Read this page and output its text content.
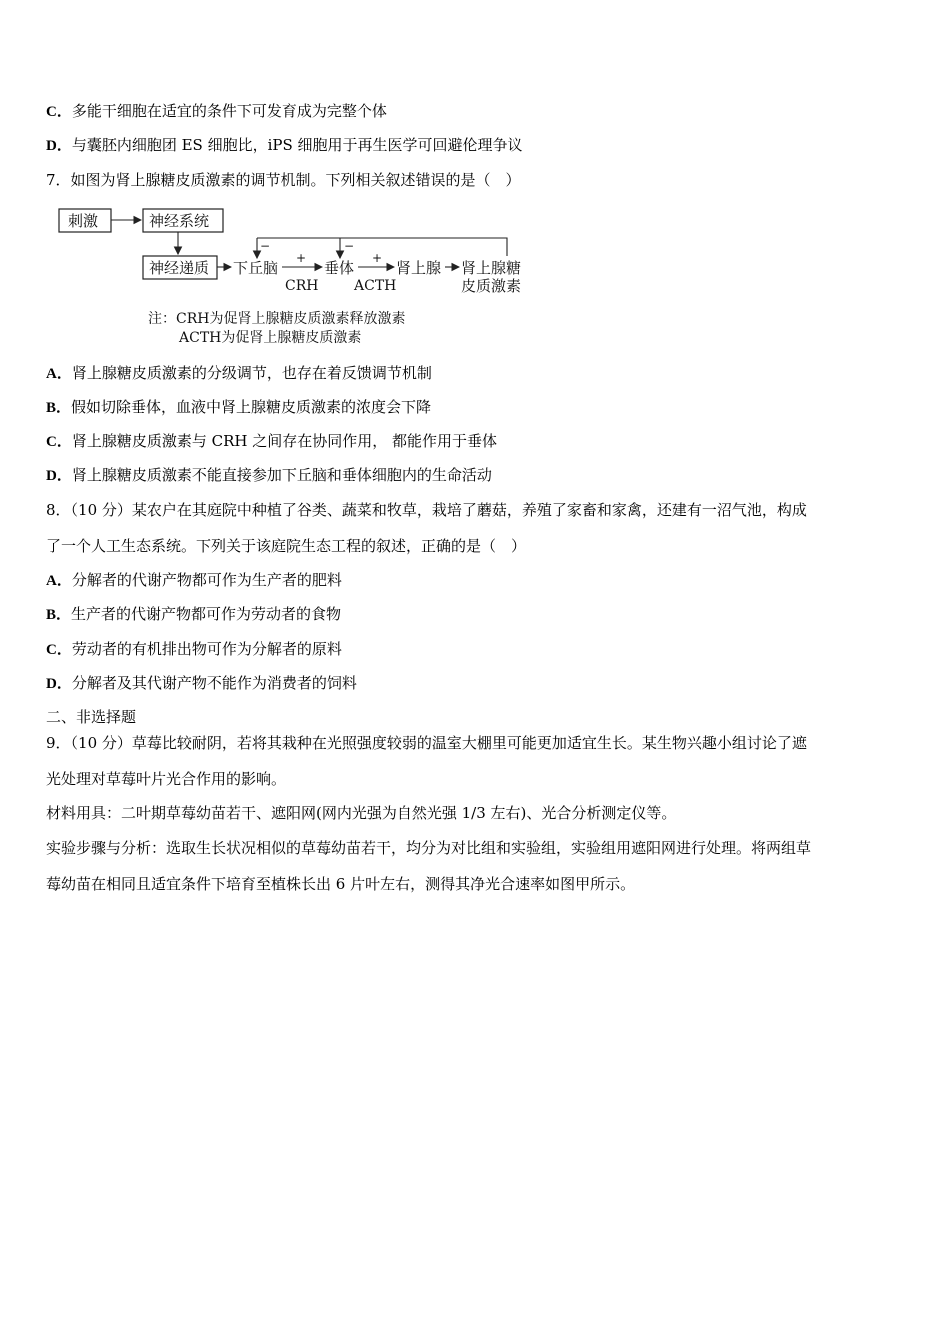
C．多能干细胞在适宜的条件下可发育成为完整个体
D．与囊胚内细胞团 ES 细胞比，iPS 细胞用于再生医学可回避伦理争议
7．如图为肾上腺糖皮质激素的调节机制。下列相关叙述错误的是（　）
刺激	神经系统
神经递质 下丘脑
+
CRH
垂体
+
ACTH
肾上腺 肾上腺糖
皮质激素
−	−
注：CRH为促肾上腺糖皮质激素释放激素
ACTH为促肾上腺糖皮质激素
A．肾上腺糖皮质激素的分级调节，也存在着反馈调节机制
B．假如切除垂体，血液中肾上腺糖皮质激素的浓度会下降
C．肾上腺糖皮质激素与 CRH 之间存在协同作用， 都能作用于垂体
D．肾上腺糖皮质激素不能直接参加下丘脑和垂体细胞内的生命活动
8．（10 分）某农户在其庭院中种植了谷类、蔬菜和牧草，栽培了蘑菇，养殖了家畜和家禽，还建有一沼气池，构成
了一个人工生态系统。下列关于该庭院生态工程的叙述，正确的是（　）
A．分解者的代谢产物都可作为生产者的肥料
B．生产者的代谢产物都可作为劳动者的食物
C．劳动者的有机排出物可作为分解者的原料
D．分解者及其代谢产物不能作为消费者的饲料
二、非选择题
9．（10 分）草莓比较耐阴，若将其栽种在光照强度较弱的温室大棚里可能更加适宜生长。某生物兴趣小组讨论了遮
光处理对草莓叶片光合作用的影响。
材料用具：二叶期草莓幼苗若干、遮阳网(网内光强为自然光强 1/3 左右)、光合分析测定仪等。
实验步骤与分析：选取生长状况相似的草莓幼苗若干，均分为对比组和实验组，实验组用遮阳网进行处理。将两组草
莓幼苗在相同且适宜条件下培育至植株长出 6 片叶左右，测得其净光合速率如图甲所示。
